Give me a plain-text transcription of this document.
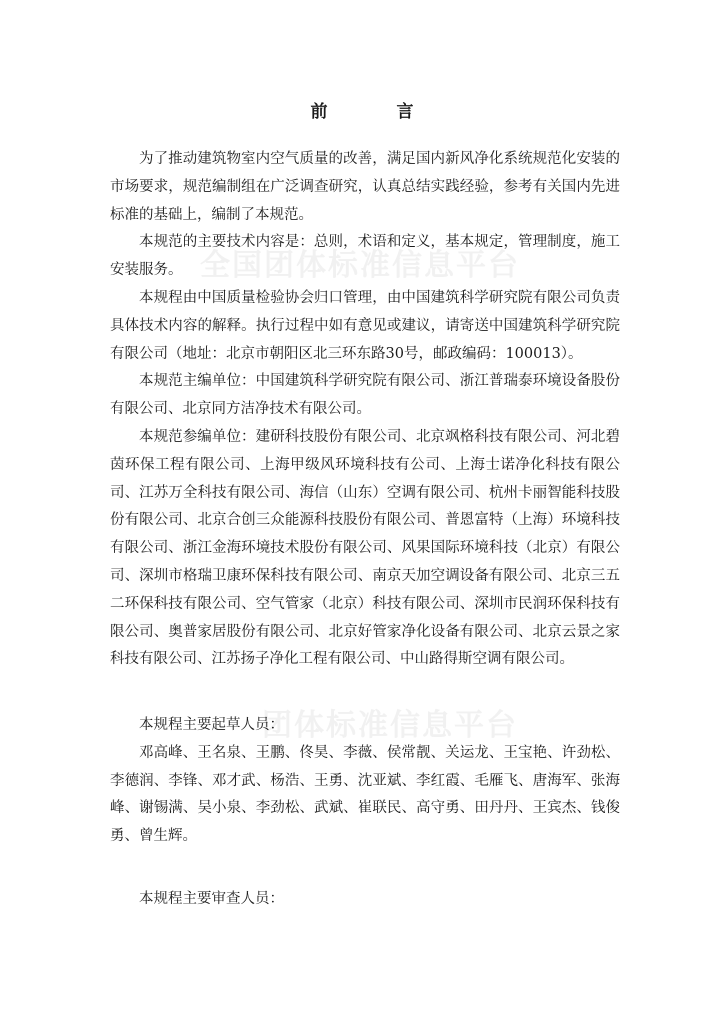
全国团体标准信息平台
团体标准信息平台
前　言

为了推动建筑物室内空气质量的改善，满足国内新风净化系统规范化安装的市场要求，规范编制组在广泛调查研究，认真总结实践经验，参考有关国内先进标准的基础上，编制了本规范。

本规范的主要技术内容是：总则，术语和定义，基本规定，管理制度，施工安装服务。

本规程由中国质量检验协会归口管理，由中国建筑科学研究院有限公司负责具体技术内容的解释。执行过程中如有意见或建议，请寄送中国建筑科学研究院有限公司（地址：北京市朝阳区北三环东路30号，邮政编码：100013）。

本规范主编单位：中国建筑科学研究院有限公司、浙江普瑞泰环境设备股份有限公司、北京同方洁净技术有限公司。

本规范参编单位：建研科技股份有限公司、北京飒格科技有限公司、河北碧茵环保工程有限公司、上海甲级风环境科技有公司、上海士诺净化科技有限公司、江苏万全科技有限公司、海信（山东）空调有限公司、杭州卡丽智能科技股份有限公司、北京合创三众能源科技股份有限公司、普恩富特（上海）环境科技有限公司、浙江金海环境技术股份有限公司、风果国际环境科技（北京）有限公司、深圳市格瑞卫康环保科技有限公司、南京天加空调设备有限公司、北京三五二环保科技有限公司、空气管家（北京）科技有限公司、深圳市民润环保科技有限公司、奥普家居股份有限公司、北京好管家净化设备有限公司、北京云景之家科技有限公司、江苏扬子净化工程有限公司、中山路得斯空调有限公司。

本规程主要起草人员：

邓高峰、王名泉、王鹏、佟昊、李薇、侯常靓、关运龙、王宝艳、许劲松、李德润、李锋、邓才武、杨浩、王勇、沈亚斌、李红霞、毛雁飞、唐海军、张海峰、谢锡满、吴小泉、李劲松、武斌、崔联民、高守勇、田丹丹、王宾杰、钱俊勇、曾生辉。

本规程主要审查人员：
